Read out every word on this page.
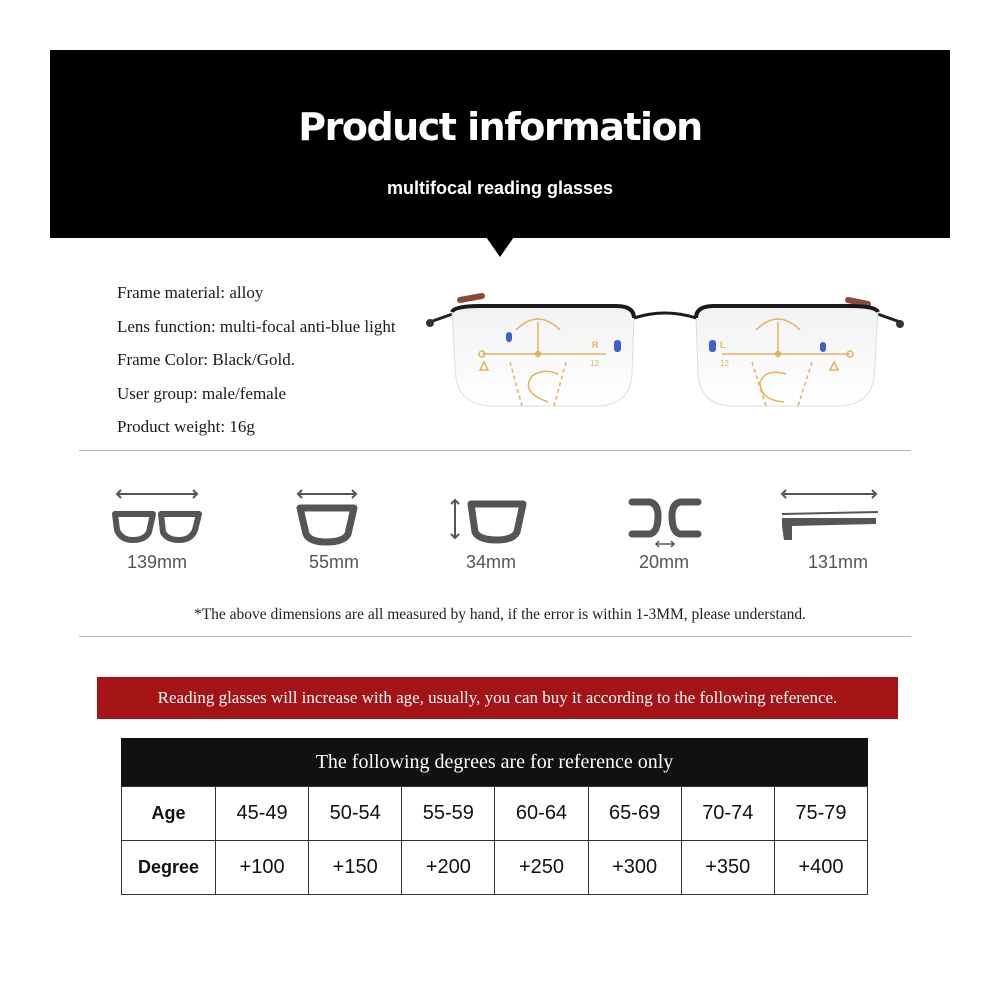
Product information
multifocal reading glasses
Frame material: alloy
Lens function: multi-focal anti-blue light
Frame Color: Black/Gold.
User group: male/female
Product weight: 16g
R
12
L
12
139mm	55mm	34mm	20mm	131mm
*The above dimensions are all measured by hand, if the error is within 1-3MM, please understand.
Reading glasses will increase with age, usually, you can buy it according to the following reference.
The following degrees are for reference only
Age	45-49	50-54	55-59	60-64	65-69	70-74	75-79
Degree	+100	+150	+200	+250	+300	+350	+400
